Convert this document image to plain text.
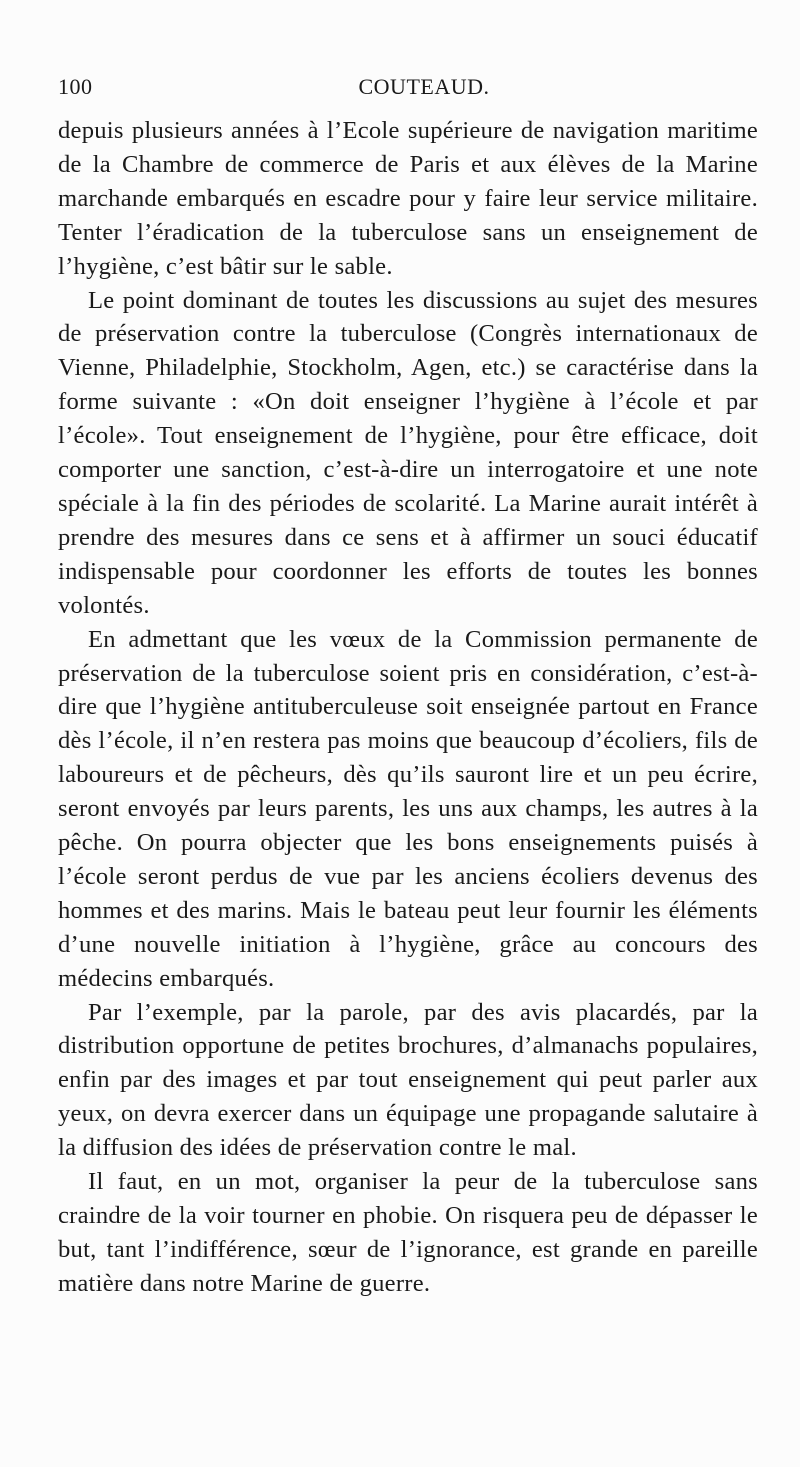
100	COUTEAUD.

depuis plusieurs années à l’Ecole supérieure de navigation maritime de la Chambre de commerce de Paris et aux élèves de la Marine marchande embarqués en escadre pour y faire leur service militaire. Tenter l’éradication de la tuberculose sans un enseignement de l’hygiène, c’est bâtir sur le sable.

Le point dominant de toutes les discussions au sujet des mesures de préservation contre la tuberculose (Congrès internationaux de Vienne, Philadelphie, Stockholm, Agen, etc.) se caractérise dans la forme suivante : «On doit enseigner l’hygiène à l’école et par l’école». Tout enseignement de l’hygiène, pour être efficace, doit comporter une sanction, c’est-à-dire un interrogatoire et une note spéciale à la fin des périodes de scolarité. La Marine aurait intérêt à prendre des mesures dans ce sens et à affirmer un souci éducatif indispensable pour coordonner les efforts de toutes les bonnes volontés.

En admettant que les vœux de la Commission permanente de préservation de la tuberculose soient pris en considération, c’est-à-dire que l’hygiène antituberculeuse soit enseignée partout en France dès l’école, il n’en restera pas moins que beaucoup d’écoliers, fils de laboureurs et de pêcheurs, dès qu’ils sauront lire et un peu écrire, seront envoyés par leurs parents, les uns aux champs, les autres à la pêche. On pourra objecter que les bons enseignements puisés à l’école seront perdus de vue par les anciens écoliers devenus des hommes et des marins. Mais le bateau peut leur fournir les éléments d’une nouvelle initiation à l’hygiène, grâce au concours des médecins embarqués.

Par l’exemple, par la parole, par des avis placardés, par la distribution opportune de petites brochures, d’almanachs populaires, enfin par des images et par tout enseignement qui peut parler aux yeux, on devra exercer dans un équipage une propagande salutaire à la diffusion des idées de préservation contre le mal.

Il faut, en un mot, organiser la peur de la tuberculose sans craindre de la voir tourner en phobie. On risquera peu de dépasser le but, tant l’indifférence, sœur de l’ignorance, est grande en pareille matière dans notre Marine de guerre.
